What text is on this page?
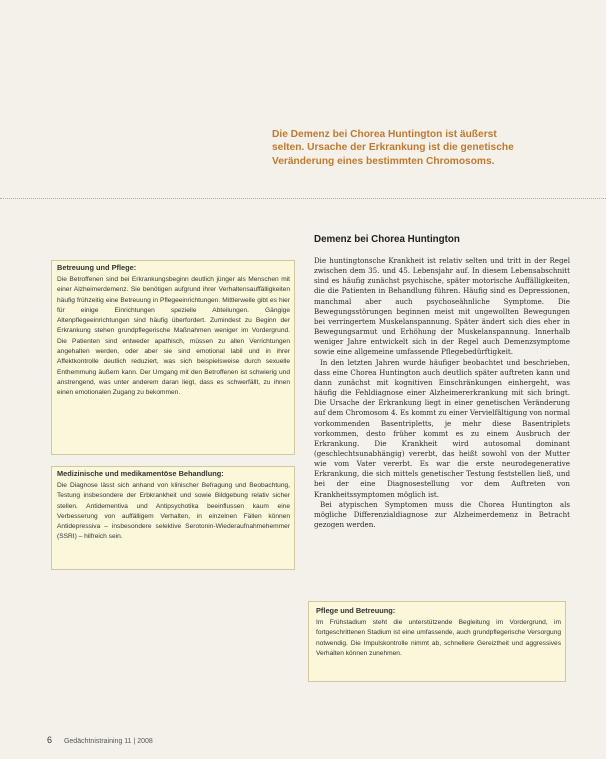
Die Demenz bei Chorea Huntington ist äußerst

selten. Ursache der Erkrankung ist die genetische

Veränderung eines bestimmten Chromosoms.

Betreuung und Pflege:

Die Betroffenen sind bei Erkrankungsbeginn deutlich jünger als Menschen mit einer Alzheimerdemenz. Sie benötigen aufgrund ihrer Verhaltensauffälligkeiten häufig frühzeitig eine Betreuung in Pflegeeinrichtungen. Mittlerweile gibt es hier für einige Einrichtungen spezielle Abteilungen. Gängige Altenpflegeeinrichtungen sind häufig überfordert. Zumindest zu Beginn der Erkrankung stehen grundpflegerische Maßnahmen weniger im Vordergrund. Die Patienten sind entweder apathisch, müssen zu allen Verrichtungen angehalten werden, oder aber sie sind emotional labil und in ihrer Affektkontrolle deutlich reduziert, was sich beispielsweise durch sexuelle Enthemmung äußern kann. Der Umgang mit den Betroffenen ist schwierig und anstrengend, was unter anderem daran liegt, dass es schwerfällt, zu ihnen einen emotionalen Zugang zu bekommen.

Medizinische und medikamentöse Behandlung:

Die Diagnose lässt sich anhand von klinischer Befragung und Beobachtung, Testung insbesondere der Erbkrankheit und sowie Bildgebung relativ sicher stellen. Antidementiva und Antipsychotika beeinflussen kaum eine Verbesserung von auffälligem Verhalten, in einzelnen Fällen können Antidepressiva – insbesondere selektive Serotonin-Wiederaufnahmehemmer (SSRI) – hilfreich sein.

Demenz bei Chorea Huntington

Die huntingtonsche Krankheit ist relativ selten und tritt in der Regel zwischen dem 35. und 45. Lebensjahr auf. In diesem Lebensabschnitt sind es häufig zunächst psychische, später motorische Auffälligkeiten, die die Patienten in Behandlung führen. Häufig sind es Depressionen, manchmal aber auch psychoseähnliche Symptome. Die Bewegungsstörungen beginnen meist mit ungewollten Bewegungen bei verringertem Muskelanspannung. Später ändert sich dies eher in Bewegungsarmut und Erhöhung der Muskelanspannung. Innerhalb weniger Jahre entwickelt sich in der Regel auch Demenzsymptome sowie eine allgemeine umfassende Pflegebedürftigkeit.

In den letzten Jahren wurde häufiger beobachtet und beschrieben, dass eine Chorea Huntington auch deutlich später auftreten kann und dann zunächst mit kognitiven Einschränkungen einhergeht, was häufig die Fehldiagnose einer Alzheimererkrankung mit sich bringt. Die Ursache der Erkrankung liegt in einer genetischen Veränderung auf dem Chromosom 4. Es kommt zu einer Vervielfältigung von normal vorkommenden Basentripletts, je mehr diese Basentriplets vorkommen, desto früher kommt es zu einem Ausbruch der Erkrankung. Die Krankheit wird autosomal dominant (geschlechtsunabhängig) vererbt, das heißt sowohl von der Mutter wie vom Vater vererbt. Es war die erste neurodegenerative Erkrankung, die sich mittels genetischer Testung feststellen ließ, und bei der eine Diagnosestellung vor dem Auftreten von Krankheitssymptomen möglich ist.

Bei atypischen Symptomen muss die Chorea Huntington als mögliche Differenzialdiagnose zur Alzheimerdemenz in Betracht gezogen werden.

Pflege und Betreuung:

Im Frühstadium steht die unterstützende Begleitung im Vordergrund, im fortgeschrittenen Stadium ist eine umfassende, auch grundpflegerische Versorgung notwendig. Die Impulskontrolle nimmt ab, schnellere Gereiztheit und aggressives Verhalten können zunehmen.

6 Gedächtnistraining 11 | 2008
